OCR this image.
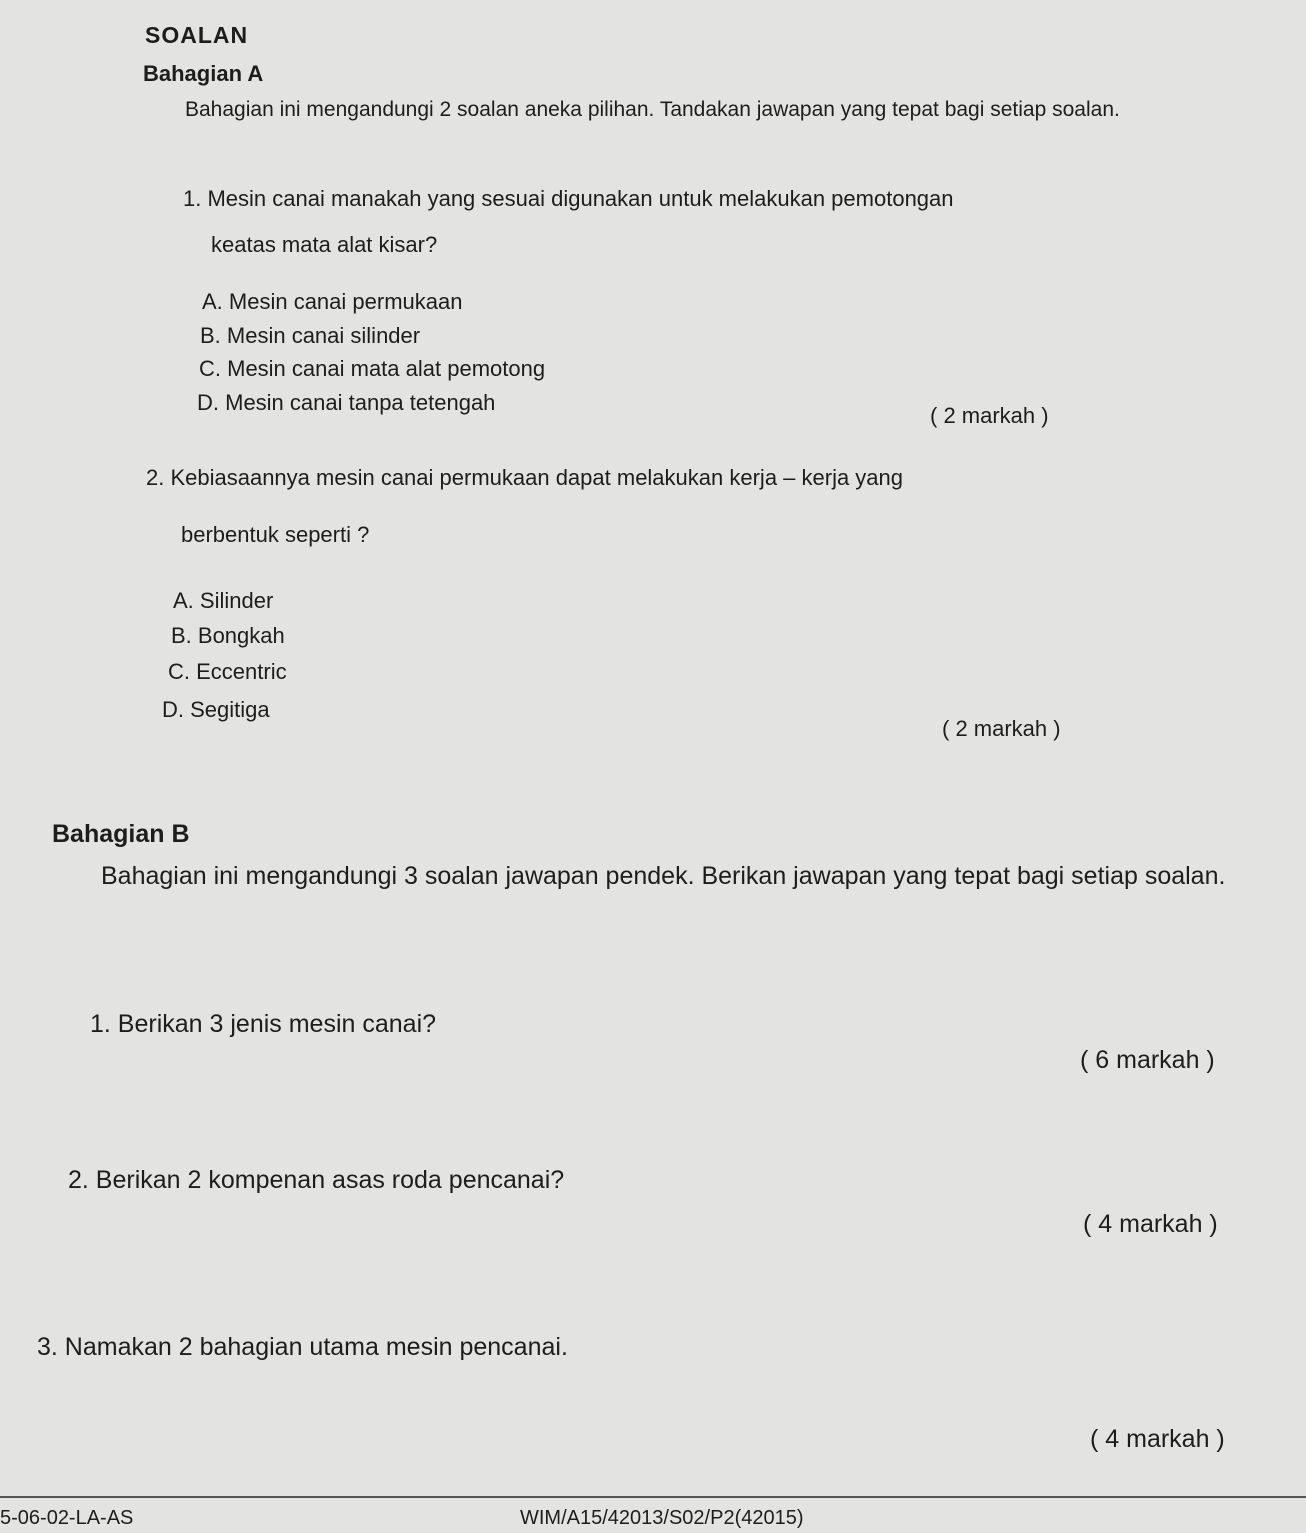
SOALAN
Bahagian A
Bahagian ini mengandungi 2 soalan aneka pilihan. Tandakan jawapan yang tepat bagi setiap soalan.
1. Mesin canai manakah yang sesuai digunakan untuk melakukan pemotongan
keatas mata alat kisar?
A. Mesin canai permukaan
B. Mesin canai silinder
C. Mesin canai mata alat pemotong
D. Mesin canai tanpa tetengah
( 2 markah )
2. Kebiasaannya mesin canai permukaan dapat melakukan kerja – kerja yang
berbentuk seperti ?
A. Silinder
B. Bongkah
C. Eccentric
D. Segitiga
( 2 markah )
Bahagian B
Bahagian ini mengandungi 3 soalan jawapan pendek. Berikan jawapan yang tepat bagi setiap soalan.
1. Berikan 3 jenis mesin canai?
( 6 markah )
2. Berikan 2 kompenan asas roda pencanai?
( 4 markah )
3. Namakan 2 bahagian utama mesin pencanai.
( 4 markah )
5-06-02-LA-AS	WIM/A15/42013/S02/P2(42015)
